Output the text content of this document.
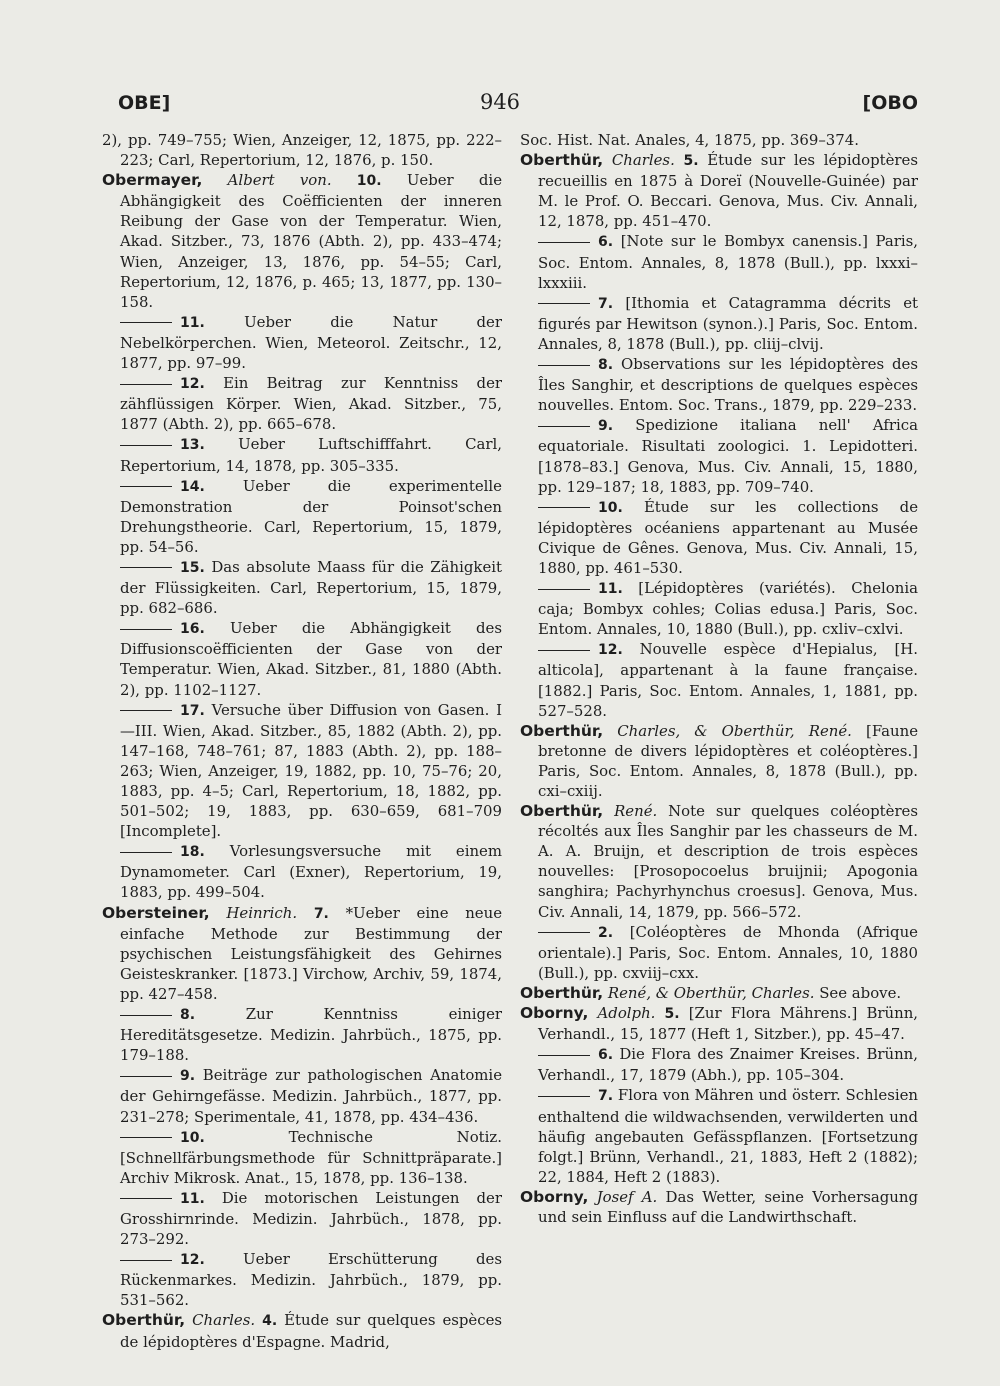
OBE]	946	[OBO

2), pp. 749–755; Wien, Anzeiger, 12, 1875, pp. 222–223; Carl, Repertorium, 12, 1876, p. 150.

Obermayer, Albert von. 10. Ueber die Abhängigkeit des Coëfficienten der inneren Reibung der Gase von der Temperatur. Wien, Akad. Sitzber., 73, 1876 (Abth. 2), pp. 433–474; Wien, Anzeiger, 13, 1876, pp. 54–55; Carl, Repertorium, 12, 1876, p. 465; 13, 1877, pp. 130–158.

11.	Ueber die Natur der Nebelkörperchen. Wien, Meteorol. Zeitschr., 12, 1877, pp. 97–99.

12. Ein Beitrag zur Kenntniss der zähflüssigen Körper. Wien, Akad. Sitzber., 75, 1877 (Abth. 2), pp. 665–678.

13. Ueber Luftschifffahrt. Carl, Repertorium, 14, 1878, pp. 305–335.

14.	Ueber die experimentelle Demonstration der Poinsot'schen Drehungstheorie. Carl, Repertorium, 15, 1879, pp. 54–56.

15. Das absolute Maass für die Zähigkeit der Flüssigkeiten. Carl, Repertorium, 15, 1879, pp. 682–686.

16. Ueber die Abhängigkeit des Diffusionscoëfficienten der Gase von der Temperatur. Wien, Akad. Sitzber., 81, 1880 (Abth. 2), pp. 1102–1127.

17. Versuche über Diffusion von Gasen. I—III. Wien, Akad. Sitzber., 85, 1882 (Abth. 2), pp. 147–168, 748–761; 87, 1883 (Abth. 2), pp. 188–263; Wien, Anzeiger, 19, 1882, pp. 10, 75–76; 20, 1883, pp. 4–5; Carl, Repertorium, 18, 1882, pp. 501–502; 19, 1883, pp. 630–659, 681–709 [Incomplete].

18. Vorlesungsversuche mit einem Dynamometer. Carl (Exner), Repertorium, 19, 1883, pp. 499–504.

Obersteiner, Heinrich. 7. *Ueber eine neue einfache Methode zur Bestimmung der psychischen Leistungsfähigkeit des Gehirnes Geisteskranker. [1873.] Virchow, Archiv, 59, 1874, pp. 427–458.

8.	Zur Kenntniss einiger Hereditätsgesetze. Medizin. Jahrbüch., 1875, pp. 179–188.

9. Beiträge zur pathologischen Anatomie der Gehirngefässe. Medizin. Jahrbüch., 1877, pp. 231–278; Sperimentale, 41, 1878, pp. 434–436.

10.	Technische Notiz. [Schnellfärbungsmethode für Schnittpräparate.] Archiv Mikrosk. Anat., 15, 1878, pp. 136–138.

11. Die motorischen Leistungen der Grosshirnrinde. Medizin. Jahrbüch., 1878, pp. 273–292.

12.	Ueber Erschütterung des Rückenmarkes. Medizin. Jahrbüch., 1879, pp. 531–562.

Oberthür, Charles. 4. Étude sur quelques espèces de lépidoptères d'Espagne. Madrid,

Soc. Hist. Nat. Anales, 4, 1875, pp. 369–374.

Oberthür, Charles. 5. Étude sur les lépidoptères recueillis en 1875 à Doreï (Nouvelle-Guinée) par M. le Prof. O. Beccari. Genova, Mus. Civ. Annali, 12, 1878, pp. 451–470.

6. [Note sur le Bombyx canensis.] Paris, Soc. Entom. Annales, 8, 1878 (Bull.), pp. lxxxi–lxxxiii.

7. [Ithomia et Catagramma décrits et figurés par Hewitson (synon.).] Paris, Soc. Entom. Annales, 8, 1878 (Bull.), pp. cliij–clvij.

8. Observations sur les lépidoptères des Îles Sanghir, et descriptions de quelques espèces nouvelles. Entom. Soc. Trans., 1879, pp. 229–233.

9. Spedizione italiana nell' Africa equatoriale. Risultati zoologici. 1. Lepidotteri. [1878–83.] Genova, Mus. Civ. Annali, 15, 1880, pp. 129–187; 18, 1883, pp. 709–740.

10. Étude sur les collections de lépidoptères océaniens appartenant au Musée Civique de Gênes. Genova, Mus. Civ. Annali, 15, 1880, pp. 461–530.

11. [Lépidoptères (variétés). Chelonia caja; Bombyx cohles; Colias edusa.] Paris, Soc. Entom. Annales, 10, 1880 (Bull.), pp. cxliv–cxlvi.

12. Nouvelle espèce d'Hepialus, [H. alticola], appartenant à la faune française. [1882.] Paris, Soc. Entom. Annales, 1, 1881, pp. 527–528.

Oberthür, Charles, & Oberthür, René. [Faune bretonne de divers lépidoptères et coléoptères.] Paris, Soc. Entom. Annales, 8, 1878 (Bull.), pp. cxi–cxiij.

Oberthür, René. Note sur quelques coléoptères récoltés aux Îles Sanghir par les chasseurs de M. A. A. Bruijn, et description de trois espèces nouvelles: [Prosopocoelus bruijnii; Apogonia sanghira; Pachyrhynchus croesus]. Genova, Mus. Civ. Annali, 14, 1879, pp. 566–572.

2. [Coléoptères de Mhonda (Afrique orientale).] Paris, Soc. Entom. Annales, 10, 1880 (Bull.), pp. cxviij–cxx.

Oberthür, René, & Oberthür, Charles. See above.

Oborny, Adolph. 5. [Zur Flora Mährens.] Brünn, Verhandl., 15, 1877 (Heft 1, Sitzber.), pp. 45–47.

6. Die Flora des Znaimer Kreises. Brünn, Verhandl., 17, 1879 (Abh.), pp. 105–304.

7. Flora von Mähren und österr. Schlesien enthaltend die wildwachsenden, verwilderten und häufig angebauten Gefässpflanzen. [Fortsetzung folgt.] Brünn, Verhandl., 21, 1883, Heft 2 (1882); 22, 1884, Heft 2 (1883).

Oborny, Josef A. Das Wetter, seine Vorhersagung und sein Einfluss auf die Landwirthschaft.
